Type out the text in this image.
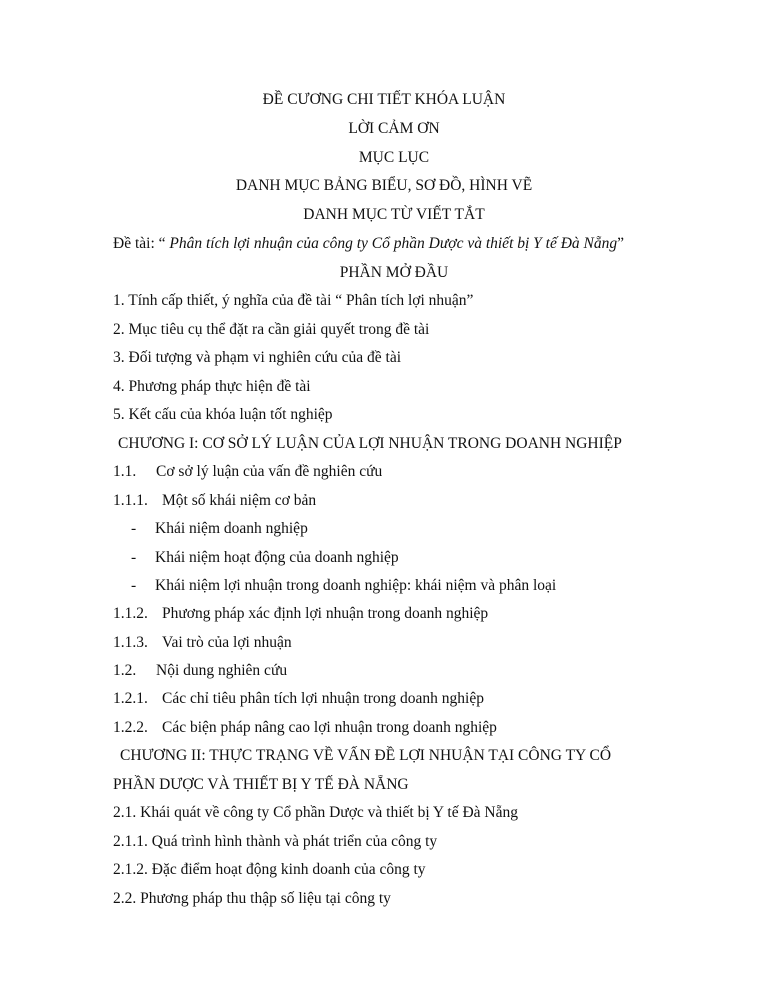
ĐỀ CƯƠNG CHI TIẾT KHÓA LUẬN
LỜI CẢM ƠN
MỤC LỤC
DANH MỤC BẢNG BIỂU, SƠ ĐỒ, HÌNH VẼ
DANH MỤC TỪ VIẾT TẮT
Đề tài: “ Phân tích lợi nhuận của công ty Cổ phần Dược và thiết bị Y tế Đà Nẵng”
PHẦN MỞ ĐẦU
1. Tính cấp thiết, ý nghĩa của đề tài “ Phân tích lợi nhuận”
2. Mục tiêu cụ thể đặt ra cần giải quyết trong đề tài
3. Đối tượng và phạm vi nghiên cứu của đề tài
4. Phương pháp thực hiện đề tài
5. Kết cấu của khóa luận tốt nghiệp
CHƯƠNG I: CƠ SỞ LÝ LUẬN CỦA LỢI NHUẬN TRONG DOANH NGHIỆP
1.1. Cơ sở lý luận của vấn đề nghiên cứu
1.1.1. Một số khái niệm cơ bản
- Khái niệm doanh nghiệp
- Khái niệm hoạt động của doanh nghiệp
- Khái niệm lợi nhuận trong doanh nghiệp: khái niệm và phân loại
1.1.2. Phương pháp xác định lợi nhuận trong doanh nghiệp
1.1.3. Vai trò của lợi nhuận
1.2. Nội dung nghiên cứu
1.2.1. Các chỉ tiêu phân tích lợi nhuận trong doanh nghiệp
1.2.2. Các biện pháp nâng cao lợi nhuận trong doanh nghiệp
CHƯƠNG II: THỰC TRẠNG VỀ VẤN ĐỀ LỢI NHUẬN TẠI CÔNG TY CỔ
PHẦN DƯỢC VÀ THIẾT BỊ Y TẾ ĐÀ NẴNG
2.1. Khái quát về công ty Cổ phần Dược và thiết bị Y tế Đà Nẵng
2.1.1. Quá trình hình thành và phát triển của công ty
2.1.2. Đặc điểm hoạt động kinh doanh của công ty
2.2. Phương pháp thu thập số liệu tại công ty
